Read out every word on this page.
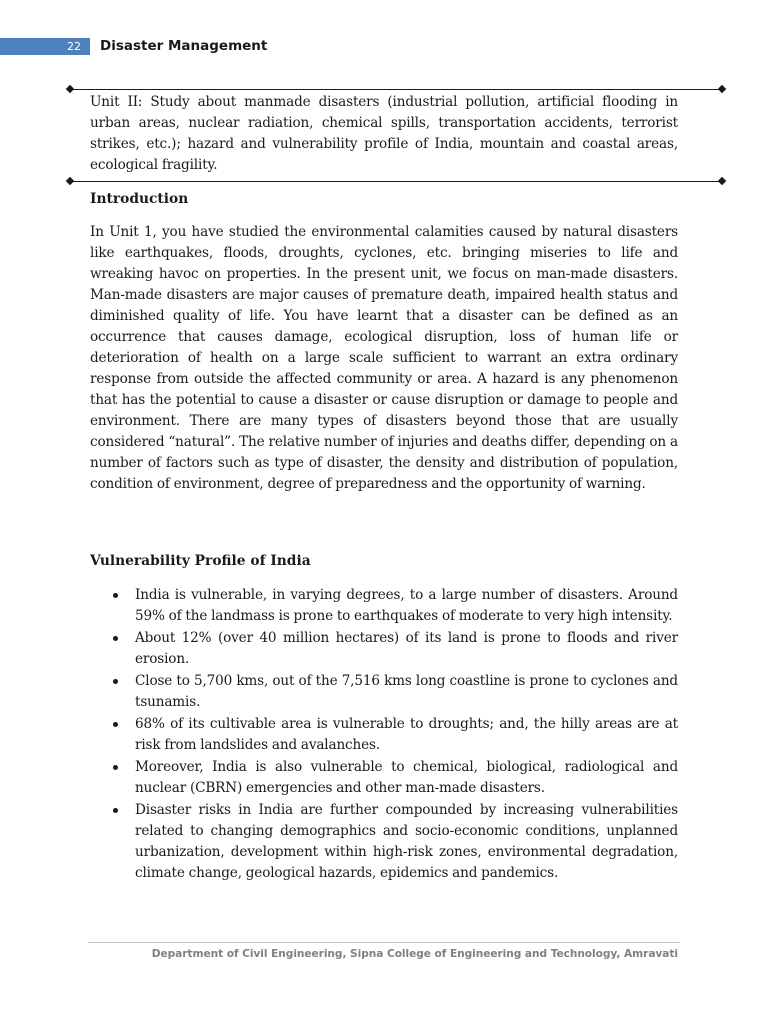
22	Disaster Management
Unit II: Study about manmade disasters (industrial pollution, artificial flooding in urban areas, nuclear radiation, chemical spills, transportation accidents, terrorist strikes, etc.); hazard and vulnerability profile of India, mountain and coastal areas, ecological fragility.
Introduction
In Unit 1, you have studied the environmental calamities caused by natural disasters like earthquakes, floods, droughts, cyclones, etc. bringing miseries to life and wreaking havoc on properties. In the present unit, we focus on man-made disasters. Man-made disasters are major causes of premature death, impaired health status and diminished quality of life. You have learnt that a disaster can be defined as an occurrence that causes damage, ecological disruption, loss of human life or deterioration of health on a large scale sufficient to warrant an extra ordinary response from outside the affected community or area. A hazard is any phenomenon that has the potential to cause a disaster or cause disruption or damage to people and environment. There are many types of disasters beyond those that are usually considered “natural”. The relative number of injuries and deaths differ, depending on a number of factors such as type of disaster, the density and distribution of population, condition of environment, degree of preparedness and the opportunity of warning.
Vulnerability Profile of India
India is vulnerable, in varying degrees, to a large number of disasters. Around 59% of the landmass is prone to earthquakes of moderate to very high intensity.
About 12% (over 40 million hectares) of its land is prone to floods and river erosion.
Close to 5,700 kms, out of the 7,516 kms long coastline is prone to cyclones and tsunamis.
68% of its cultivable area is vulnerable to droughts; and, the hilly areas are at risk from landslides and avalanches.
Moreover, India is also vulnerable to chemical, biological, radiological and nuclear (CBRN) emergencies and other man-made disasters.
Disaster risks in India are further compounded by increasing vulnerabilities related to changing demographics and socio-economic conditions, unplanned urbanization, development within high-risk zones, environmental degradation, climate change, geological hazards, epidemics and pandemics.
Department of Civil Engineering, Sipna College of Engineering and Technology, Amravati
